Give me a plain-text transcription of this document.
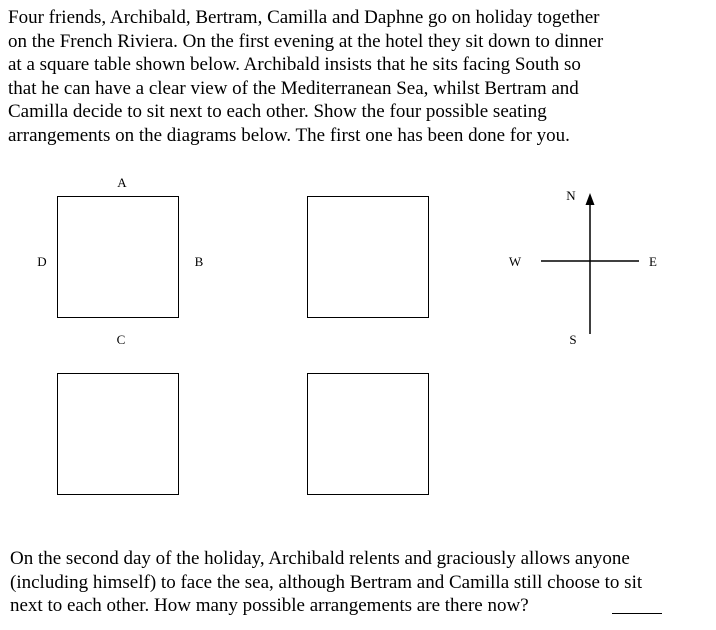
Four friends, Archibald, Bertram, Camilla and Daphne go on holiday together
on the French Riviera. On the first evening at the hotel they sit down to dinner
at a square table shown below. Archibald insists that he sits facing South so
that he can have a clear view of the Mediterranean Sea, whilst Bertram and
Camilla decide to sit next to each other. Show the four possible seating
arrangements on the diagrams below. The first one has been done for you.
A
D	B
C
N
W	E
S
On the second day of the holiday, Archibald relents and graciously allows anyone
(including himself) to face the sea, although Bertram and Camilla still choose to sit
next to each other. How many possible arrangements are there now?
